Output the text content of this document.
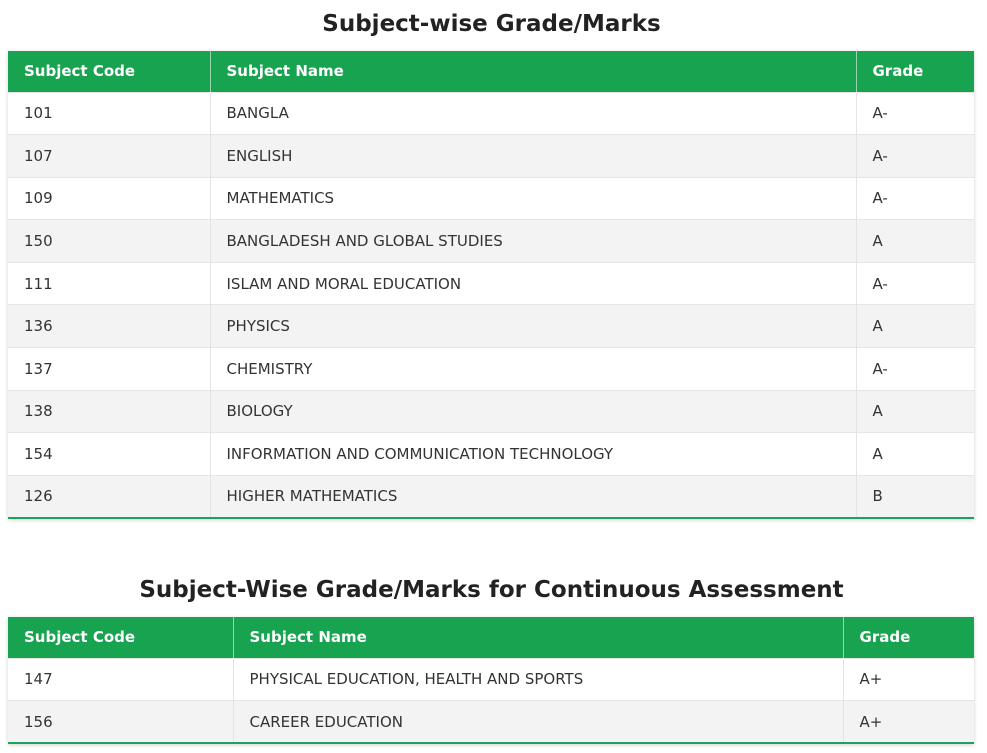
Subject-wise Grade/Marks
Subject Code	Subject Name	Grade
101	BANGLA	A-
107	ENGLISH	A-
109	MATHEMATICS	A-
150	BANGLADESH AND GLOBAL STUDIES	A
111	ISLAM AND MORAL EDUCATION	A-
136	PHYSICS	A
137	CHEMISTRY	A-
138	BIOLOGY	A
154	INFORMATION AND COMMUNICATION TECHNOLOGY	A
126	HIGHER MATHEMATICS	B
Subject-Wise Grade/Marks for Continuous Assessment
Subject Code	Subject Name	Grade
147	PHYSICAL EDUCATION, HEALTH AND SPORTS	A+
156	CAREER EDUCATION	A+
